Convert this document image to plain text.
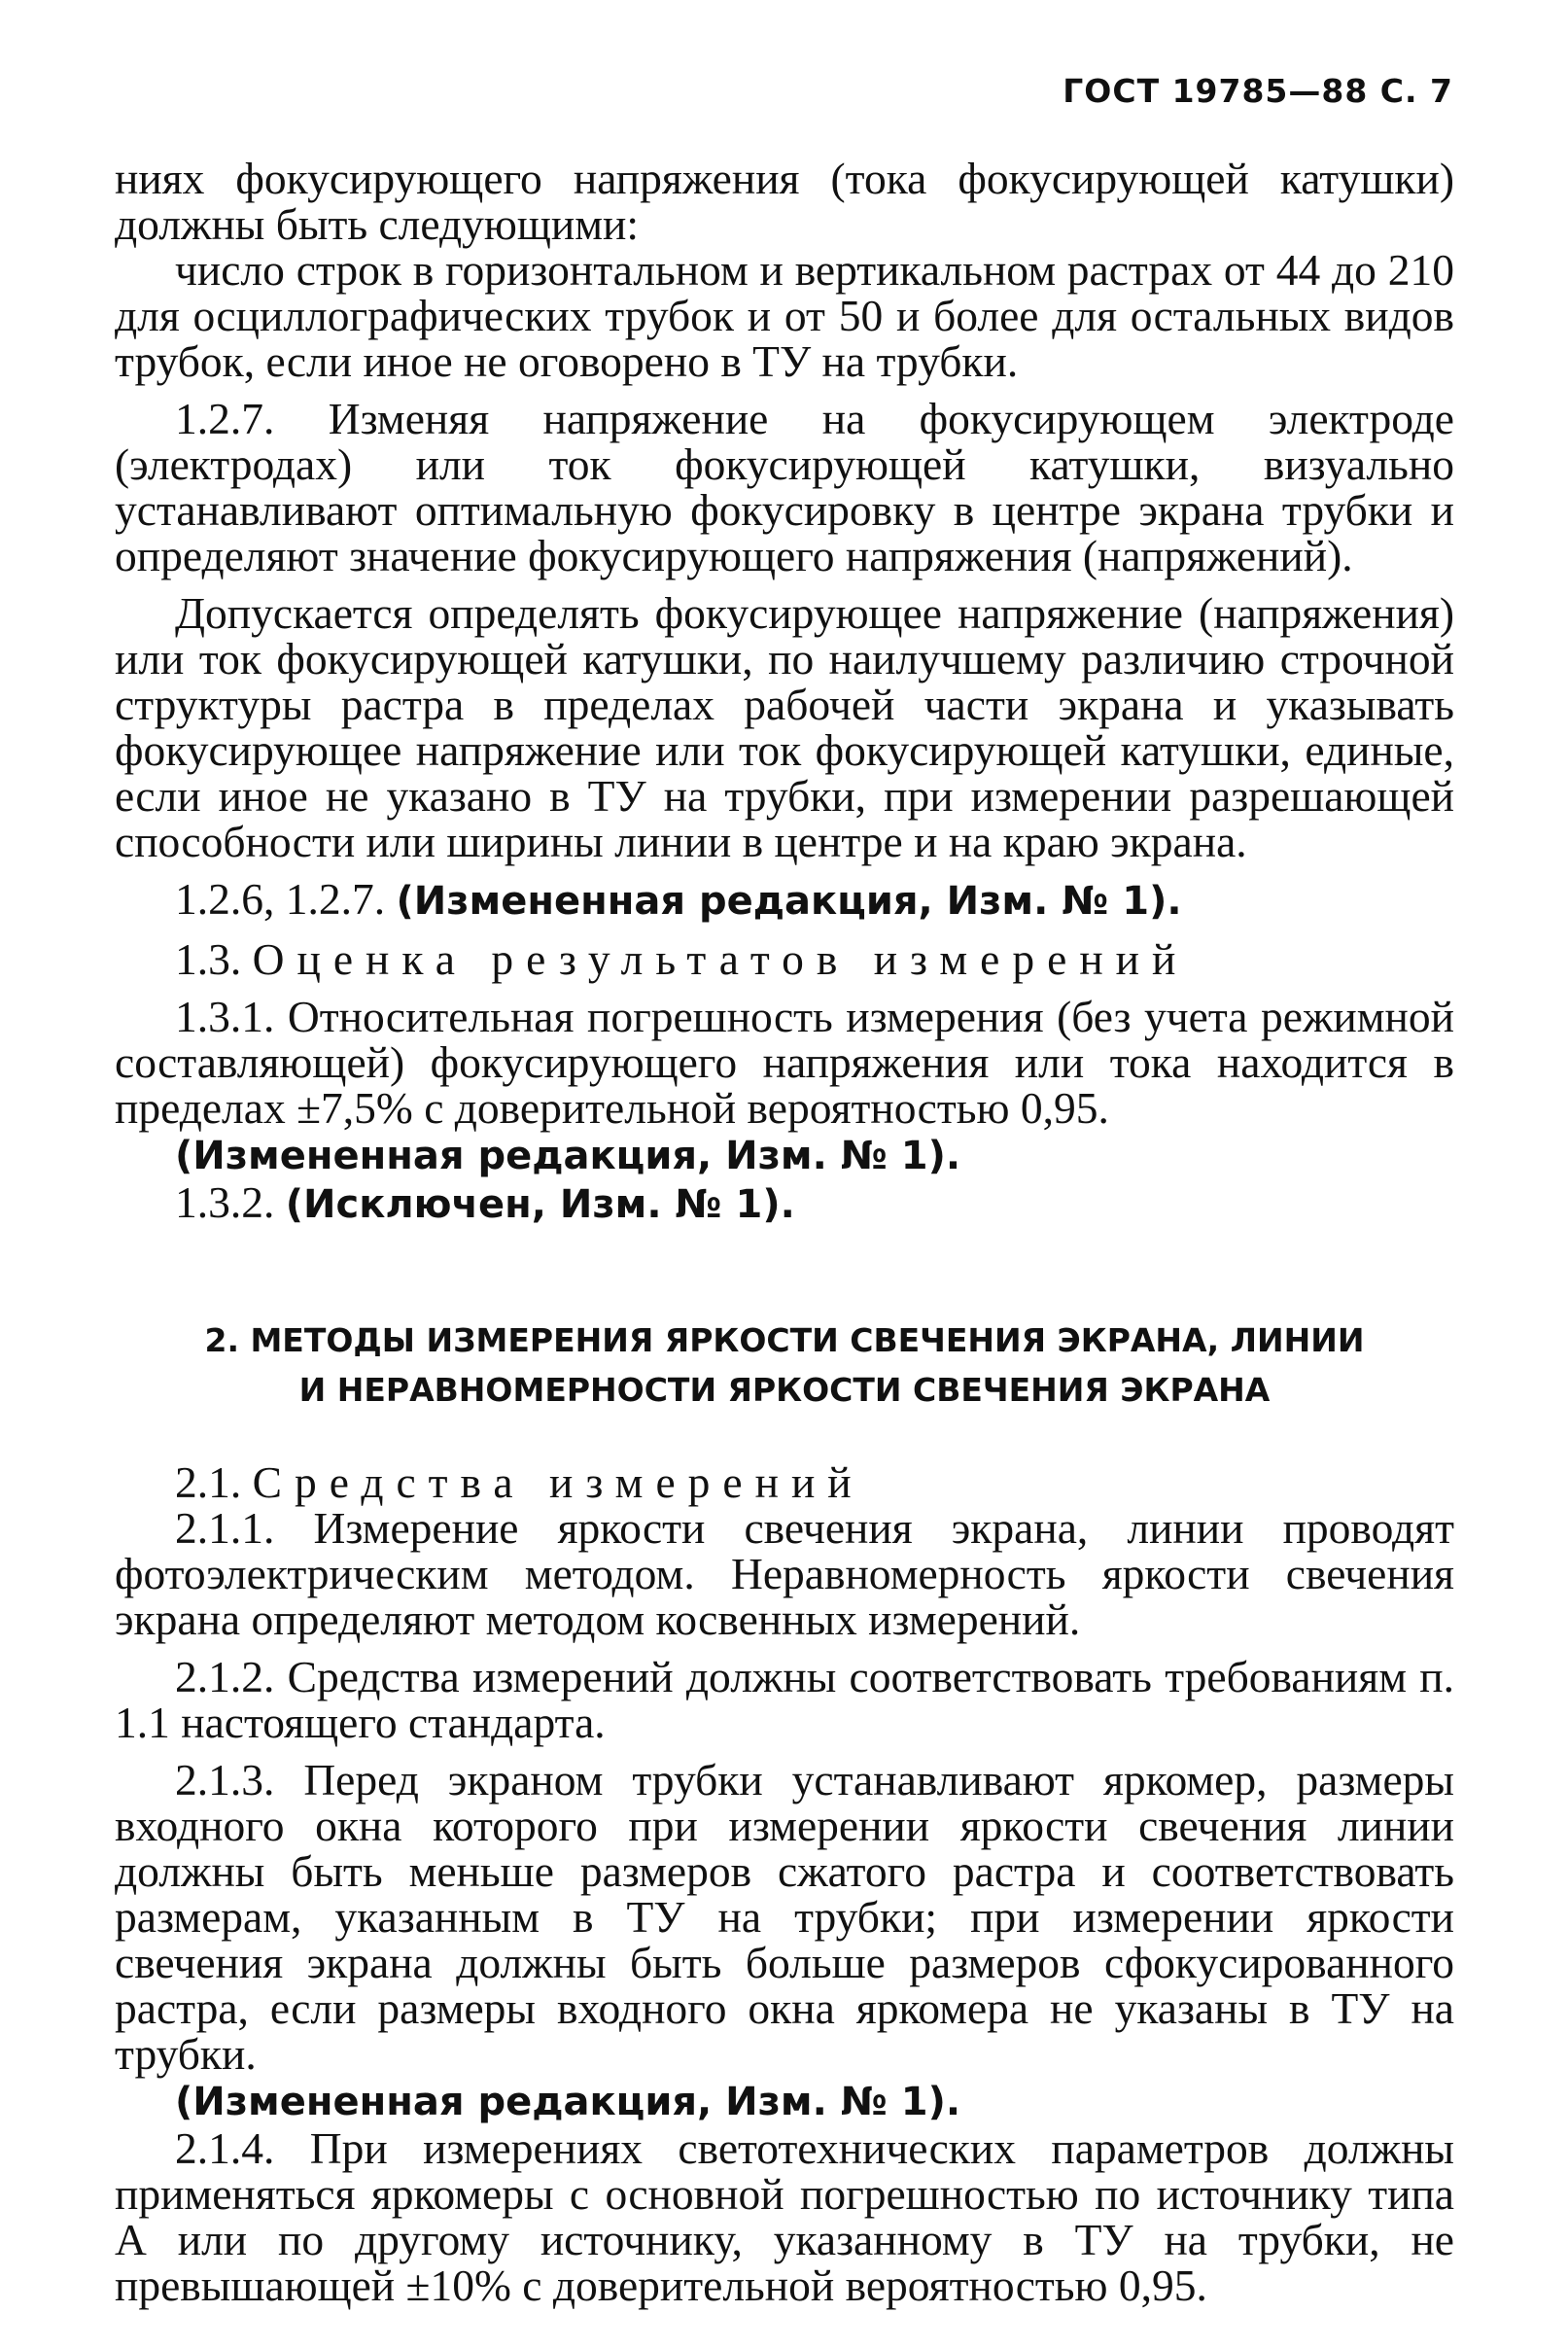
ГОСТ 19785—88 С. 7

ниях фокусирующего напряжения (тока фокусирующей катушки) должны быть следующими:

число строк в горизонтальном и вертикальном растрах от 44 до 210 для осциллографических трубок и от 50 и более для остальных видов трубок, если иное не оговорено в ТУ на трубки.

1.2.7. Изменяя напряжение на фокусирующем электроде (электродах) или ток фокусирующей катушки, визуально устанавливают оптимальную фокусировку в центре экрана трубки и определяют значение фокусирующего напряжения (напряжений).

Допускается определять фокусирующее напряжение (напряжения) или ток фокусирующей катушки, по наилучшему различию строчной структуры растра в пределах рабочей части экрана и указывать фокусирующее напряжение или ток фокусирующей катушки, единые, если иное не указано в ТУ на трубки, при измерении разрешающей способности или ширины линии в центре и на краю экрана.

1.2.6, 1.2.7. (Измененная редакция, Изм. № 1).

1.3. Оценка результатов измерений

1.3.1. Относительная погрешность измерения (без учета режимной составляющей) фокусирующего напряжения или тока находится в пределах ±7,5% с доверительной вероятностью 0,95.

(Измененная редакция, Изм. № 1).

1.3.2. (Исключен, Изм. № 1).

2. МЕТОДЫ ИЗМЕРЕНИЯ ЯРКОСТИ СВЕЧЕНИЯ ЭКРАНА, ЛИНИИ
И НЕРАВНОМЕРНОСТИ ЯРКОСТИ СВЕЧЕНИЯ ЭКРАНА

2.1. Средства измерений

2.1.1. Измерение яркости свечения экрана, линии проводят фотоэлектрическим методом. Неравномерность яркости свечения экрана определяют методом косвенных измерений.

2.1.2. Средства измерений должны соответствовать требованиям п. 1.1 настоящего стандарта.

2.1.3. Перед экраном трубки устанавливают яркомер, размеры входного окна которого при измерении яркости свечения линии должны быть меньше размеров сжатого растра и соответствовать размерам, указанным в ТУ на трубки; при измерении яркости свечения экрана должны быть больше размеров сфокусированного растра, если размеры входного окна яркомера не указаны в ТУ на трубки.

(Измененная редакция, Изм. № 1).

2.1.4. При измерениях светотехнических параметров должны применяться яркомеры с основной погрешностью по источнику типа А или по другому источнику, указанному в ТУ на трубки, не превышающей ±10% с доверительной вероятностью 0,95.
